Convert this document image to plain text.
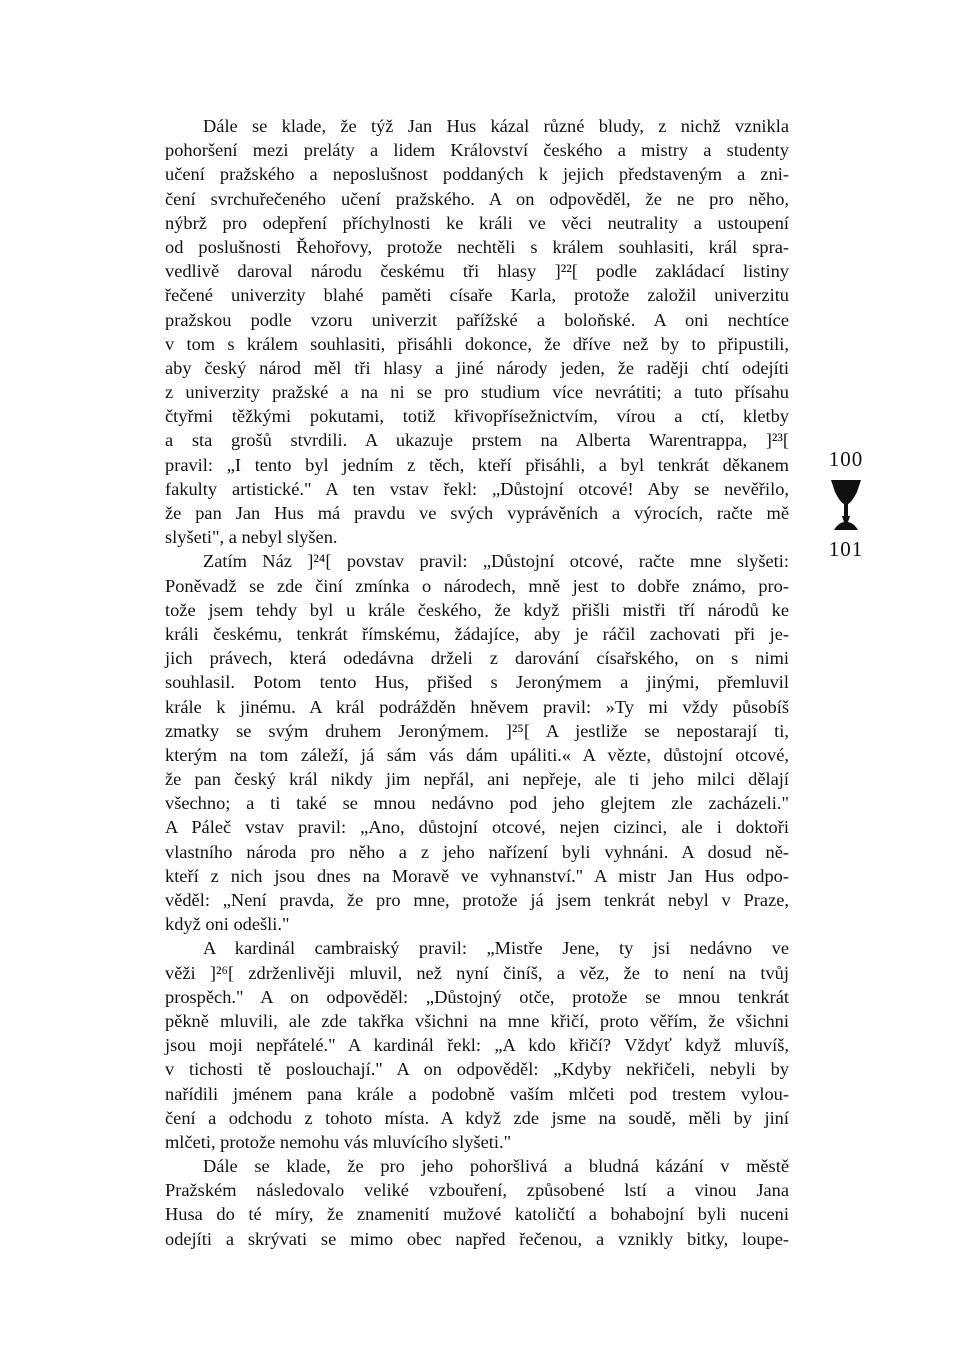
Dále se klade, že týž Jan Hus kázal různé bludy, z nichž vznikla
pohoršení mezi preláty a lidem Království českého a mistry a studenty
učení pražského a neposlušnost poddaných k jejich představeným a zni-
čení svrchuřečeného učení pražského. A on odpověděl, že ne pro něho,
nýbrž pro odepření příchylnosti ke králi ve věci neutrality a ustoupení
od poslušnosti Řehořovy, protože nechtěli s králem souhlasiti, král spra-
vedlivě daroval národu českému tři hlasy ]²²[ podle zakládací listiny
řečené univerzity blahé paměti císaře Karla, protože založil univerzitu
pražskou podle vzoru univerzit pařížské a boloňské. A oni nechtíce
v tom s králem souhlasiti, přisáhli dokonce, že dříve než by to připustili,
aby český národ měl tři hlasy a jiné národy jeden, že raději chtí odejíti
z univerzity pražské a na ni se pro studium více nevrátiti; a tuto přísahu
čtyřmi těžkými pokutami, totiž křivopřísežnictvím, vírou a ctí, kletby
a sta grošů stvrdili. A ukazuje prstem na Alberta Warentrappa, ]²³[
pravil: „I tento byl jedním z těch, kteří přisáhli, a byl tenkrát děkanem
fakulty artistické." A ten vstav řekl: „Důstojní otcové! Aby se nevěřilo,
že pan Jan Hus má pravdu ve svých vyprávěních a výrocích, račte mě
slyšeti", a nebyl slyšen.
Zatím Náz ]²⁴[ povstav pravil: „Důstojní otcové, račte mne slyšeti:
Poněvadž se zde činí zmínka o národech, mně jest to dobře známo, pro-
tože jsem tehdy byl u krále českého, že když přišli mistři tří národů ke
králi českému, tenkrát římskému, žádajíce, aby je ráčil zachovati při je-
jich právech, která odedávna drželi z darování císařského, on s nimi
souhlasil. Potom tento Hus, přišed s Jeronýmem a jinými, přemluvil
krále k jinému. A král podrážděn hněvem pravil: »Ty mi vždy působíš
zmatky se svým druhem Jeronýmem. ]²⁵[ A jestliže se nepostarají ti,
kterým na tom záleží, já sám vás dám upáliti.« A vězte, důstojní otcové,
že pan český král nikdy jim nepřál, ani nepřeje, ale ti jeho milci dělají
všechno; a ti také se mnou nedávno pod jeho glejtem zle zacházeli."
A Páleč vstav pravil: „Ano, důstojní otcové, nejen cizinci, ale i doktoři
vlastního národa pro něho a z jeho nařízení byli vyhnáni. A dosud ně-
kteří z nich jsou dnes na Moravě ve vyhnanství." A mistr Jan Hus odpo-
věděl: „Není pravda, že pro mne, protože já jsem tenkrát nebyl v Praze,
když oni odešli."
A kardinál cambraiský pravil: „Mistře Jene, ty jsi nedávno ve
věži ]²⁶[ zdrženlivěji mluvil, než nyní činíš, a věz, že to není na tvůj
prospěch." A on odpověděl: „Důstojný otče, protože se mnou tenkrát
pěkně mluvili, ale zde takřka všichni na mne křičí, proto věřím, že všichni
jsou moji nepřátelé." A kardinál řekl: „A kdo křičí? Vždyť když mluvíš,
v tichosti tě poslouchají." A on odpověděl: „Kdyby nekřičeli, nebyli by
nařídili jménem pana krále a podobně vaším mlčeti pod trestem vylou-
čení a odchodu z tohoto místa. A když zde jsme na soudě, měli by jiní
mlčeti, protože nemohu vás mluvícího slyšeti."
Dále se klade, že pro jeho pohoršlivá a bludná kázání v městě
Pražském následovalo veliké vzbouření, způsobené lstí a vinou Jana
Husa do té míry, že znamenití mužové katoličtí a bohabojní byli nuceni
odejíti a skrývati se mimo obec napřed řečenou, a vznikly bitky, loupe-
100
101
